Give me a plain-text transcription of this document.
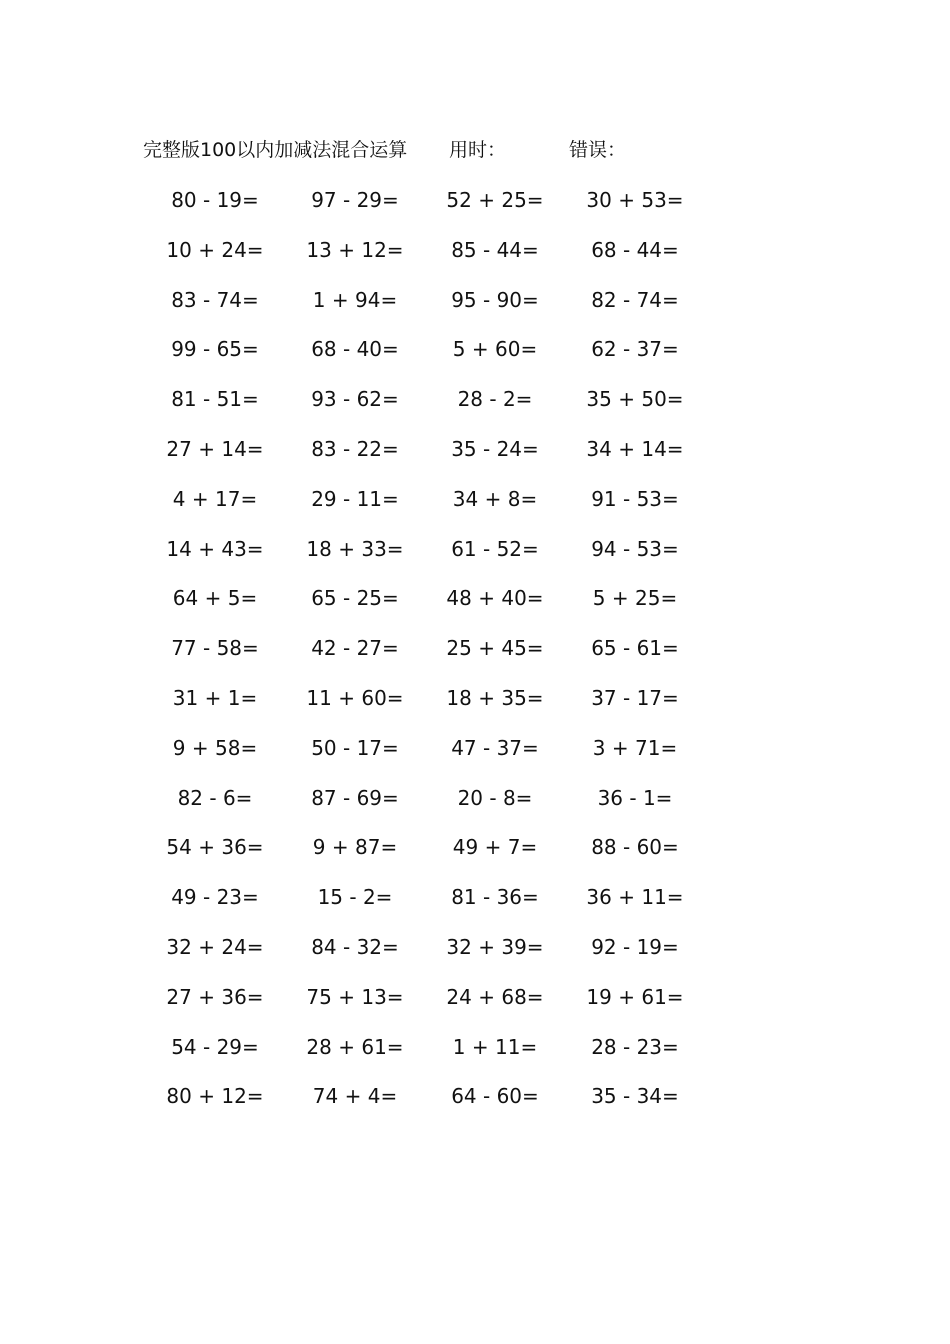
完整版100以内加减法混合运算 用时：	错误：
80 - 19=	97 - 29=	52 + 25=	30 + 53=
10 + 24=	13 + 12=	85 - 44=	68 - 44=
83 - 74=	1 + 94=	95 - 90=	82 - 74=
99 - 65=	68 - 40=	5 + 60=	62 - 37=
81 - 51=	93 - 62=	28 - 2=	35 + 50=
27 + 14=	83 - 22=	35 - 24=	34 + 14=
4 + 17=	29 - 11=	34 + 8=	91 - 53=
14 + 43=	18 + 33=	61 - 52=	94 - 53=
64 + 5=	65 - 25=	48 + 40=	5 + 25=
77 - 58=	42 - 27=	25 + 45=	65 - 61=
31 + 1=	11 + 60=	18 + 35=	37 - 17=
9 + 58=	50 - 17=	47 - 37=	3 + 71=
82 - 6=	87 - 69=	20 - 8=	36 - 1=
54 + 36=	9 + 87=	49 + 7=	88 - 60=
49 - 23=	15 - 2=	81 - 36=	36 + 11=
32 + 24=	84 - 32=	32 + 39=	92 - 19=
27 + 36=	75 + 13=	24 + 68=	19 + 61=
54 - 29=	28 + 61=	1 + 11=	28 - 23=
80 + 12=	74 + 4=	64 - 60=	35 - 34=
